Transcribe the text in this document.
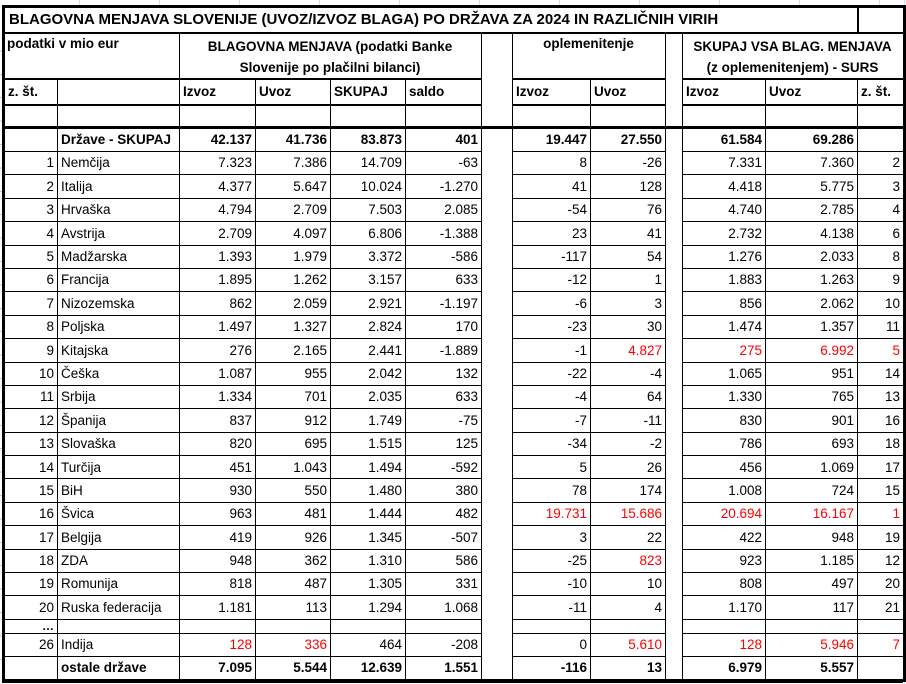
BLAGOVNA MENJAVA SLOVENIJE (UVOZ/IZVOZ BLAGA) PO DRŽAVA ZA 2024 IN RAZLIČNIH VIRIH												
podatki v mio eur	BLAGOVNA MENJAVA (podatki Banke
Slovenije po plačilni bilanci)
		oplemenitenje		SKUPAJ VSA BLAG. MENJAVA
(z oplemenitenjem) - SURS

z. št.		Izvoz	Uvoz	SKUPAJ	saldo		Izvoz	Uvoz		Izvoz	Uvoz	z. št.

	Države - SKUPAJ	42.137	41.736	83.873	401		19.447	27.550		61.584	69.286	
1	Nemčija	7.323	7.386	14.709	-63		8	-26		7.331	7.360	2
2	Italija	4.377	5.647	10.024	-1.270		41	128		4.418	5.775	3
3	Hrvaška	4.794	2.709	7.503	2.085		-54	76		4.740	2.785	4
4	Avstrija	2.709	4.097	6.806	-1.388		23	41		2.732	4.138	6
5	Madžarska	1.393	1.979	3.372	-586		-117	54		1.276	2.033	8
6	Francija	1.895	1.262	3.157	633		-12	1		1.883	1.263	9
7	Nizozemska	862	2.059	2.921	-1.197		-6	3		856	2.062	10
8	Poljska	1.497	1.327	2.824	170		-23	30		1.474	1.357	11
9	Kitajska	276	2.165	2.441	-1.889		-1	4.827		275	6.992	5
10	Češka	1.087	955	2.042	132		-22	-4		1.065	951	14
11	Srbija	1.334	701	2.035	633		-4	64		1.330	765	13
12	Španija	837	912	1.749	-75		-7	-11		830	901	16
13	Slovaška	820	695	1.515	125		-34	-2		786	693	18
14	Turčija	451	1.043	1.494	-592		5	26		456	1.069	17
15	BiH	930	550	1.480	380		78	174		1.008	724	15
16	Švica	963	481	1.444	482		19.731	15.686		20.694	16.167	1
17	Belgija	419	926	1.345	-507		3	22		422	948	19
18	ZDA	948	362	1.310	586		-25	823		923	1.185	12
19	Romunija	818	487	1.305	331		-10	10		808	497	20
20	Ruska federacija	1.181	113	1.294	1.068		-11	4		1.170	117	21
…												
26	Indija	128	336	464	-208		0	5.610		128	5.946	7
	ostale države	7.095	5.544	12.639	1.551		-116	13		6.979	5.557	
